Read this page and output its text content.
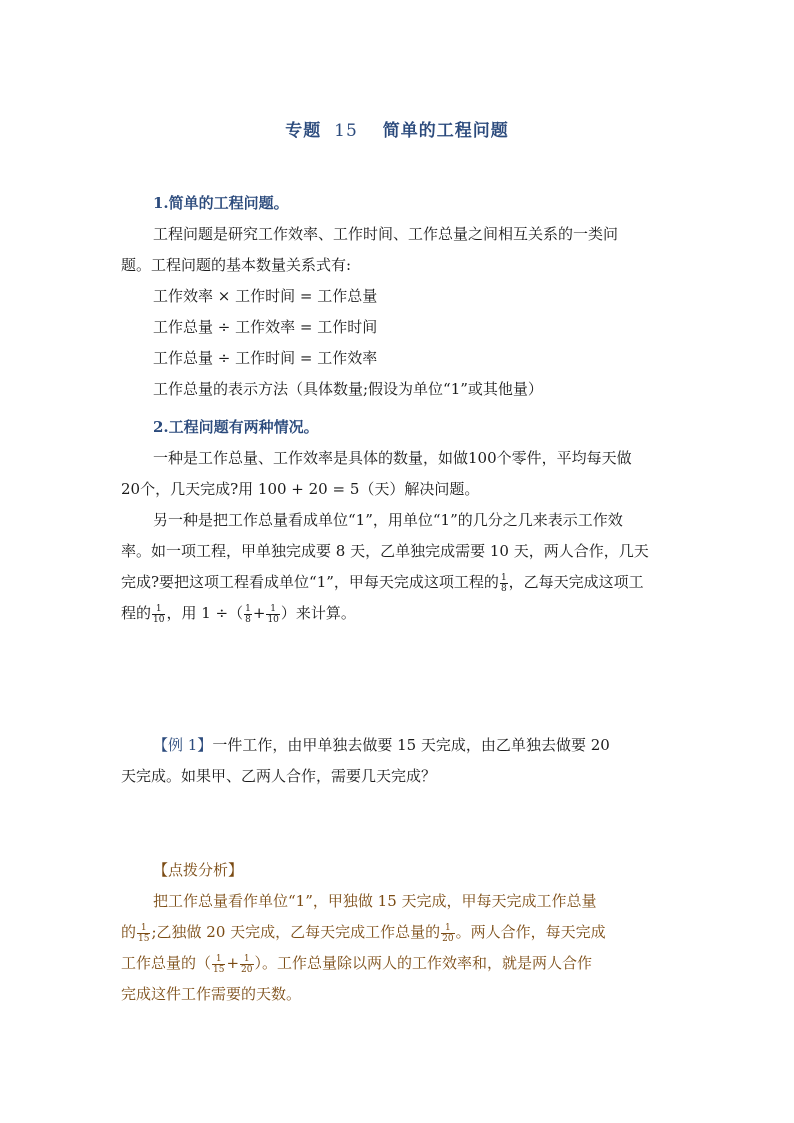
专题 15 简单的工程问题
1.简单的工程问题。
工程问题是研究工作效率、工作时间、工作总量之间相互关系的一类问
题。工程问题的基本数量关系式有:
工作效率 × 工作时间 = 工作总量
工作总量 ÷ 工作效率 = 工作时间
工作总量 ÷ 工作时间 = 工作效率
工作总量的表示方法（具体数量;假设为单位“1”或其他量）
2.工程问题有两种情况。
一种是工作总量、工作效率是具体的数量，如做100个零件，平均每天做
20个，几天完成?用 100 + 20 = 5（天）解决问题。
另一种是把工作总量看成单位“1”，用单位“1”的几分之几来表示工作效
率。如一项工程，甲单独完成要 8 天，乙单独完成需要 10 天，两人合作，几天
完成?要把这项工程看成单位“1”，甲每天完成这项工程的 $\frac{1}{8}$ ，乙每天完成这项工
程的 $\frac{1}{10}$ ，用 1 ÷（ $\frac{1}{8} + \frac{1}{10}$ ）来计算。
【例 1】一件工作，由甲单独去做要 15 天完成，由乙单独去做要 20
天完成。如果甲、乙两人合作，需要几天完成？
【点拨分析】
把工作总量看作单位“1”，甲独做 15 天完成，甲每天完成工作总量
的 $\frac{1}{15}$ ;乙独做 20 天完成，乙每天完成工作总量的 $\frac{1}{20}$ 。两人合作，每天完成
工作总量的（ $\frac{1}{15} + \frac{1}{20}$ ）。工作总量除以两人的工作效率和，就是两人合作
完成这件工作需要的天数。
